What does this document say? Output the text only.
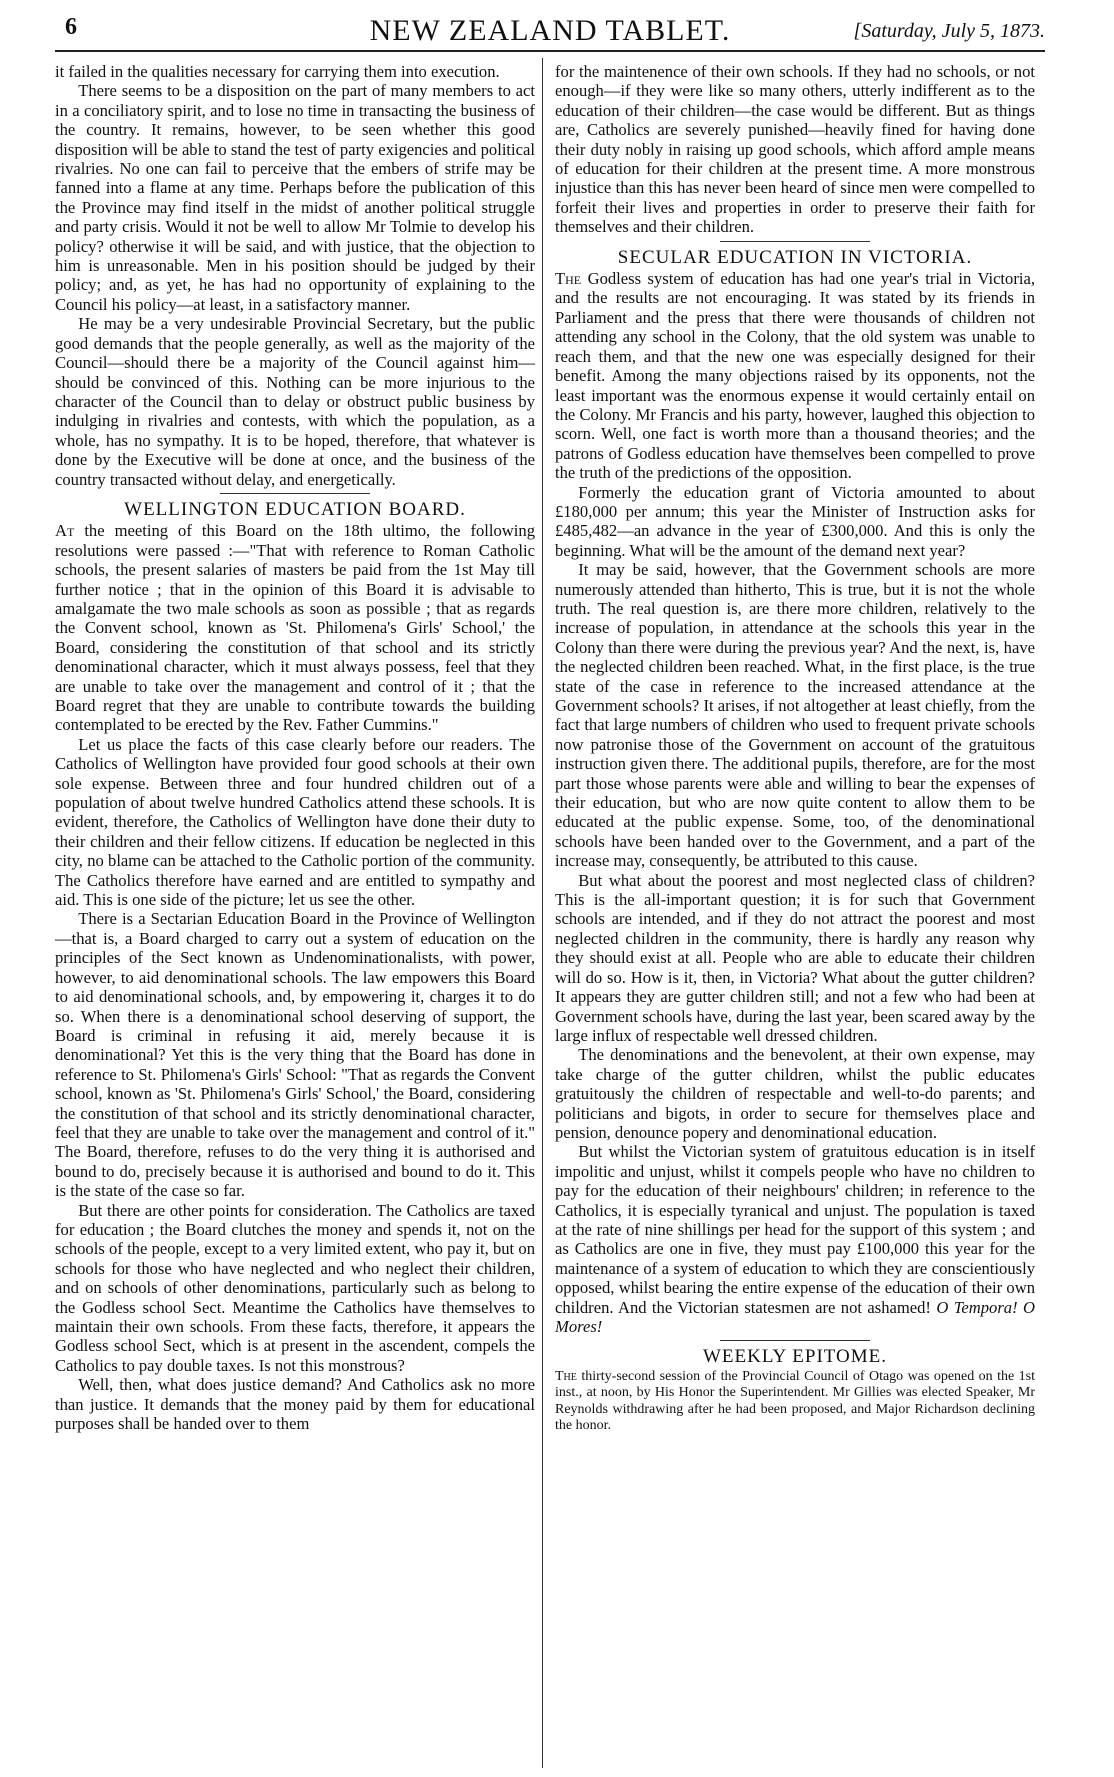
6	NEW ZEALAND TABLET.	[Saturday, July 5, 1873.

it failed in the qualities necessary for carrying them into execution.

There seems to be a disposition on the part of many members to act in a conciliatory spirit, and to lose no time in transacting the business of the country. It remains, however, to be seen whether this good disposition will be able to stand the test of party exigencies and political rivalries. No one can fail to perceive that the embers of strife may be fanned into a flame at any time. Perhaps before the publication of this the Province may find itself in the midst of another political struggle and party crisis. Would it not be well to allow Mr Tolmie to develop his policy? otherwise it will be said, and with justice, that the objection to him is unreasonable. Men in his position should be judged by their policy; and, as yet, he has had no opportunity of explaining to the Council his policy—at least, in a satisfactory manner.

He may be a very undesirable Provincial Secretary, but the public good demands that the people generally, as well as the majority of the Council—should there be a majority of the Council against him—should be convinced of this. Nothing can be more injurious to the character of the Council than to delay or obstruct public business by indulging in rivalries and contests, with which the population, as a whole, has no sympathy. It is to be hoped, therefore, that whatever is done by the Executive will be done at once, and the business of the country transacted without delay, and energetically.

WELLINGTON EDUCATION BOARD.

At the meeting of this Board on the 18th ultimo, the following resolutions were passed :—"That with reference to Roman Catholic schools, the present salaries of masters be paid from the 1st May till further notice ; that in the opinion of this Board it is advisable to amalgamate the two male schools as soon as possible ; that as regards the Convent school, known as 'St. Philomena's Girls' School,' the Board, considering the constitution of that school and its strictly denominational character, which it must always possess, feel that they are unable to take over the management and control of it ; that the Board regret that they are unable to contribute towards the building contemplated to be erected by the Rev. Father Cummins."

Let us place the facts of this case clearly before our readers. The Catholics of Wellington have provided four good schools at their own sole expense. Between three and four hundred children out of a population of about twelve hundred Catholics attend these schools. It is evident, therefore, the Catholics of Wellington have done their duty to their children and their fellow citizens. If education be neglected in this city, no blame can be attached to the Catholic portion of the community. The Catholics therefore have earned and are entitled to sympathy and aid. This is one side of the picture; let us see the other.

There is a Sectarian Education Board in the Province of Wellington—that is, a Board charged to carry out a system of education on the principles of the Sect known as Undenominationalists, with power, however, to aid denominational schools. The law empowers this Board to aid denominational schools, and, by empowering it, charges it to do so. When there is a denominational school deserving of support, the Board is criminal in refusing it aid, merely because it is denominational? Yet this is the very thing that the Board has done in reference to St. Philomena's Girls' School: "That as regards the Convent school, known as 'St. Philomena's Girls' School,' the Board, considering the constitution of that school and its strictly denominational character, feel that they are unable to take over the management and control of it." The Board, therefore, refuses to do the very thing it is authorised and bound to do, precisely because it is authorised and bound to do it. This is the state of the case so far.

But there are other points for consideration. The Catholics are taxed for education ; the Board clutches the money and spends it, not on the schools of the people, except to a very limited extent, who pay it, but on schools for those who have neglected and who neglect their children, and on schools of other denominations, particularly such as belong to the Godless school Sect. Meantime the Catholics have themselves to maintain their own schools. From these facts, therefore, it appears the Godless school Sect, which is at present in the ascendent, compels the Catholics to pay double taxes. Is not this monstrous?

Well, then, what does justice demand? And Catholics ask no more than justice. It demands that the money paid by them for educational purposes shall be handed over to them

for the maintenence of their own schools. If they had no schools, or not enough—if they were like so many others, utterly indifferent as to the education of their children—the case would be different. But as things are, Catholics are severely punished—heavily fined for having done their duty nobly in raising up good schools, which afford ample means of education for their children at the present time. A more monstrous injustice than this has never been heard of since men were compelled to forfeit their lives and properties in order to preserve their faith for themselves and their children.

SECULAR EDUCATION IN VICTORIA.

The Godless system of education has had one year's trial in Victoria, and the results are not encouraging. It was stated by its friends in Parliament and the press that there were thousands of children not attending any school in the Colony, that the old system was unable to reach them, and that the new one was especially designed for their benefit. Among the many objections raised by its opponents, not the least important was the enormous expense it would certainly entail on the Colony. Mr Francis and his party, however, laughed this objection to scorn. Well, one fact is worth more than a thousand theories; and the patrons of Godless education have themselves been compelled to prove the truth of the predictions of the opposition.

Formerly the education grant of Victoria amounted to about £180,000 per annum; this year the Minister of Instruction asks for £485,482—an advance in the year of £300,000. And this is only the beginning. What will be the amount of the demand next year?

It may be said, however, that the Government schools are more numerously attended than hitherto, This is true, but it is not the whole truth. The real question is, are there more children, relatively to the increase of population, in attendance at the schools this year in the Colony than there were during the previous year? And the next, is, have the neglected children been reached. What, in the first place, is the true state of the case in reference to the increased attendance at the Government schools? It arises, if not altogether at least chiefly, from the fact that large numbers of children who used to frequent private schools now patronise those of the Government on account of the gratuitous instruction given there. The additional pupils, therefore, are for the most part those whose parents were able and willing to bear the expenses of their education, but who are now quite content to allow them to be educated at the public expense. Some, too, of the denominational schools have been handed over to the Government, and a part of the increase may, consequently, be attributed to this cause.

But what about the poorest and most neglected class of children? This is the all-important question; it is for such that Government schools are intended, and if they do not attract the poorest and most neglected children in the community, there is hardly any reason why they should exist at all. People who are able to educate their children will do so. How is it, then, in Victoria? What about the gutter children? It appears they are gutter children still; and not a few who had been at Government schools have, during the last year, been scared away by the large influx of respectable well dressed children.

The denominations and the benevolent, at their own expense, may take charge of the gutter children, whilst the public educates gratuitously the children of respectable and well-to-do parents; and politicians and bigots, in order to secure for themselves place and pension, denounce popery and denominational education.

But whilst the Victorian system of gratuitous education is in itself impolitic and unjust, whilst it compels people who have no children to pay for the education of their neighbours' children; in reference to the Catholics, it is especially tyranical and unjust. The population is taxed at the rate of nine shillings per head for the support of this system ; and as Catholics are one in five, they must pay £100,000 this year for the maintenance of a system of education to which they are conscientiously opposed, whilst bearing the entire expense of the education of their own children. And the Victorian statesmen are not ashamed! O Tempora! O Mores!

WEEKLY EPITOME.

The thirty-second session of the Provincial Council of Otago was opened on the 1st inst., at noon, by His Honor the Superintendent. Mr Gillies was elected Speaker, Mr Reynolds withdrawing after he had been proposed, and Major Richardson declining the honor.
